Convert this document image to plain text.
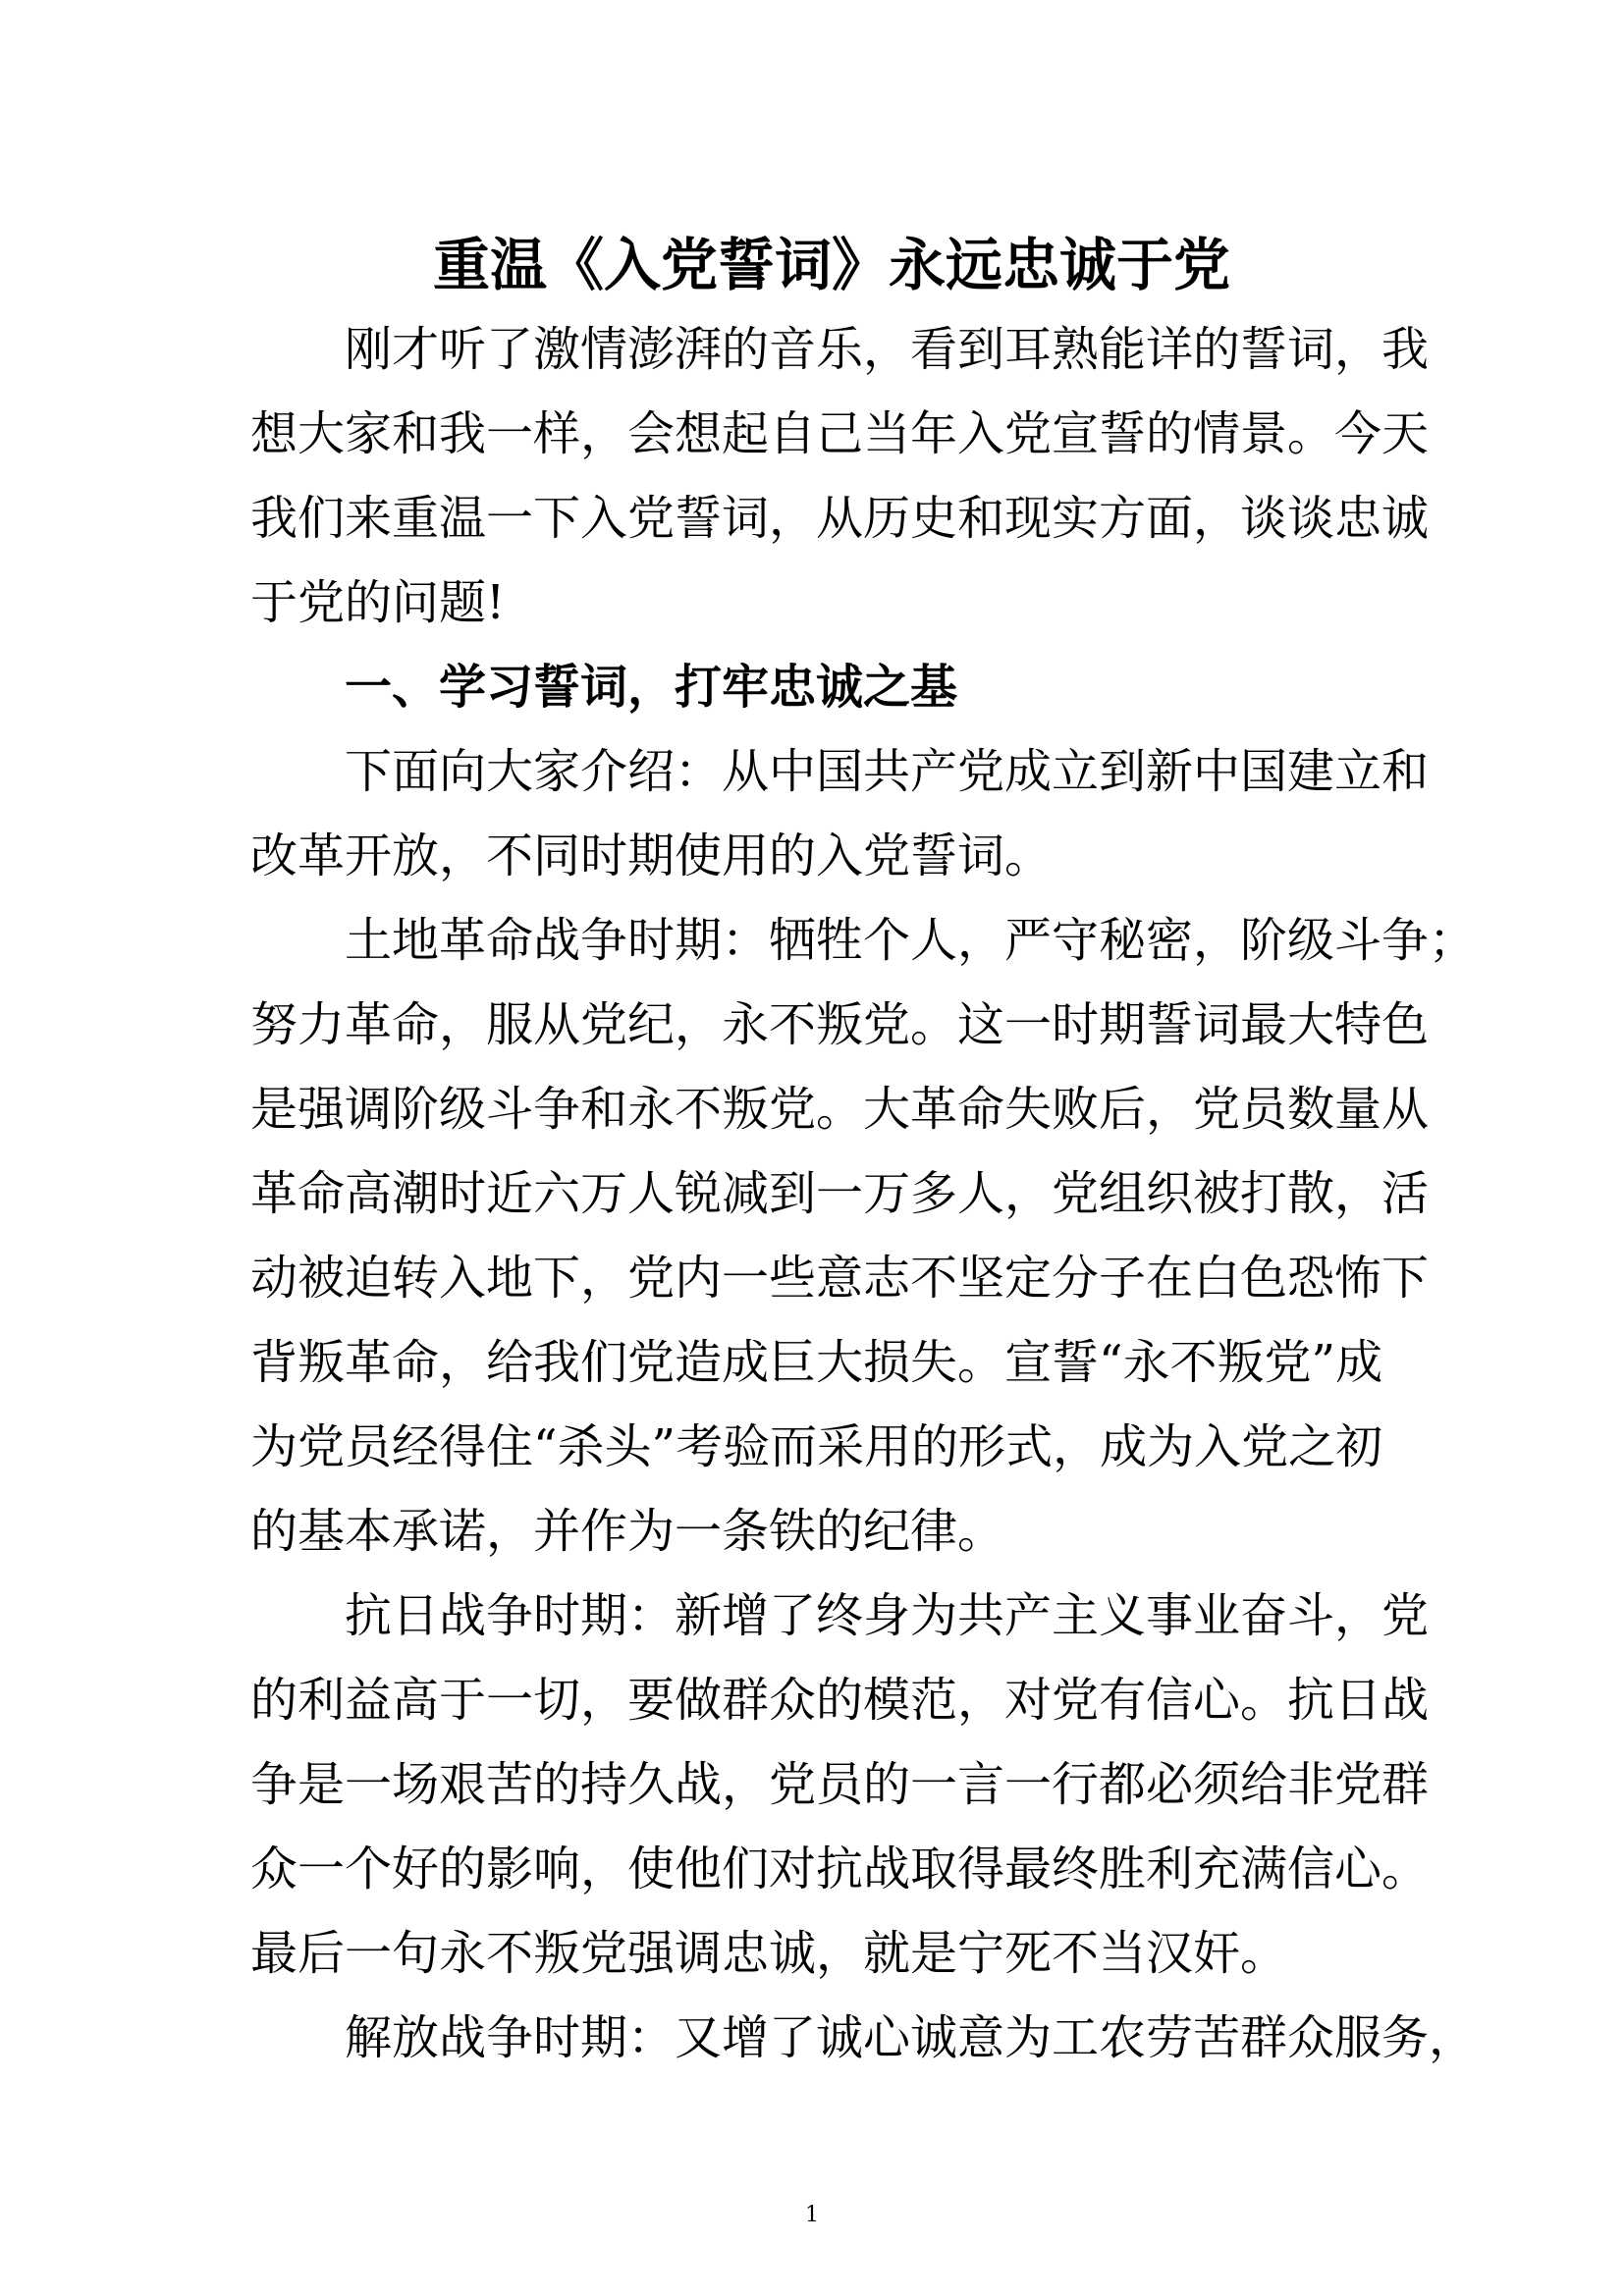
重温《入党誓词》永远忠诚于党
刚才听了激情澎湃的音乐，看到耳熟能详的誓词，我
想大家和我一样，会想起自己当年入党宣誓的情景。今天
我们来重温一下入党誓词，从历史和现实方面，谈谈忠诚
于党的问题!
一、学习誓词，打牢忠诚之基
下面向大家介绍：从中国共产党成立到新中国建立和
改革开放，不同时期使用的入党誓词。
土地革命战争时期：牺牲个人，严守秘密，阶级斗争；
努力革命，服从党纪，永不叛党。这一时期誓词最大特色
是强调阶级斗争和永不叛党。大革命失败后，党员数量从
革命高潮时近六万人锐减到一万多人，党组织被打散，活
动被迫转入地下，党内一些意志不坚定分子在白色恐怖下
背叛革命，给我们党造成巨大损失。宣誓“永不叛党”成
为党员经得住“杀头”考验而采用的形式，成为入党之初
的基本承诺，并作为一条铁的纪律。
抗日战争时期：新增了终身为共产主义事业奋斗，党
的利益高于一切，要做群众的模范，对党有信心。抗日战
争是一场艰苦的持久战，党员的一言一行都必须给非党群
众一个好的影响，使他们对抗战取得最终胜利充满信心。
最后一句永不叛党强调忠诚，就是宁死不当汉奸。
解放战争时期：又增了诚心诚意为工农劳苦群众服务，
1
